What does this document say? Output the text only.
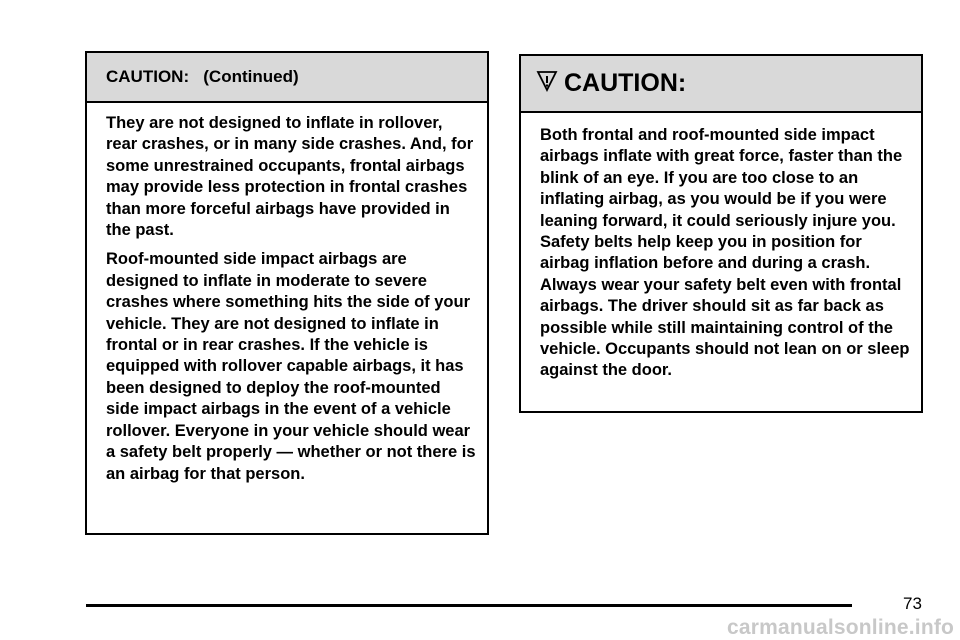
CAUTION:   (Continued)

They are not designed to inflate in rollover, rear crashes, or in many side crashes. And, for some unrestrained occupants, frontal airbags may provide less protection in frontal crashes than more forceful airbags have provided in the past.

Roof-mounted side impact airbags are designed to inflate in moderate to severe crashes where something hits the side of your vehicle. They are not designed to inflate in frontal or in rear crashes. If the vehicle is equipped with rollover capable airbags, it has been designed to deploy the roof-mounted side impact airbags in the event of a vehicle rollover. Everyone in your vehicle should wear a safety belt properly — whether or not there is an airbag for that person.

CAUTION:

Both frontal and roof-mounted side impact airbags inflate with great force, faster than the blink of an eye. If you are too close to an inflating airbag, as you would be if you were leaning forward, it could seriously injure you. Safety belts help keep you in position for airbag inflation before and during a crash. Always wear your safety belt even with frontal airbags. The driver should sit as far back as possible while still maintaining control of the vehicle. Occupants should not lean on or sleep against the door.

73
carmanualsonline.info
